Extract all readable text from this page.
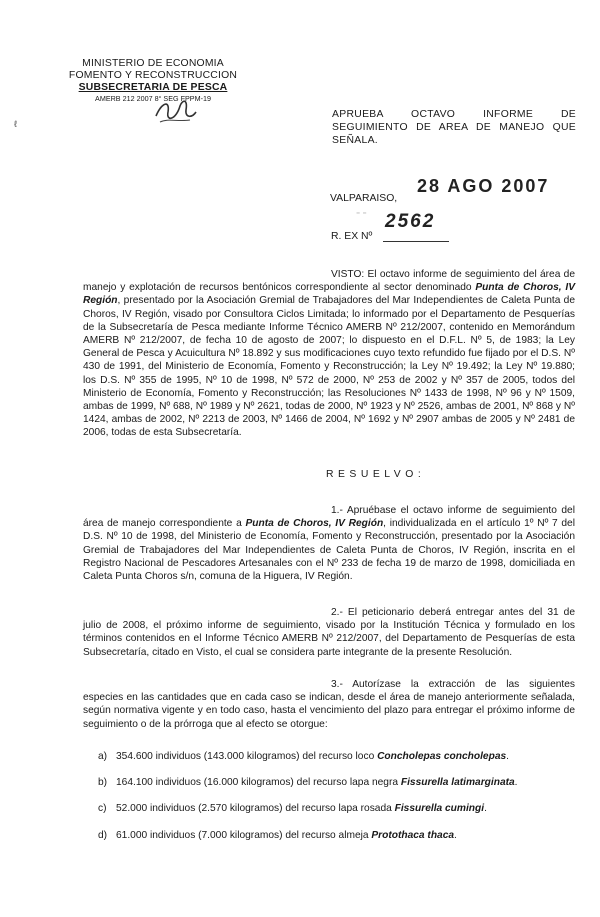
MINISTERIO DE ECONOMIA
FOMENTO Y RECONSTRUCCION
SUBSECRETARIA DE PESCA
AMERB 212 2007 8° SEG FPPM-19
ℓ
APRUEBA OCTAVO INFORME DE SEGUIMIENTO DE AREA DE MANEJO QUE SEÑALA.
VALPARAISO,
28 AGO 2007
⁻ ⁻
R. EX Nº
2562

VISTO: El octavo informe de seguimiento del área de manejo y explotación de recursos bentónicos correspondiente al sector denominado Punta de Choros, IV Región, presentado por la Asociación Gremial de Trabajadores del Mar Independientes de Caleta Punta de Choros, IV Región, visado por Consultora Ciclos Limitada; lo informado por el Departamento de Pesquerías de la Subsecretaría de Pesca mediante Informe Técnico AMERB Nº 212/2007, contenido en Memorándum AMERB Nº 212/2007, de fecha 10 de agosto de 2007; lo dispuesto en el D.F.L. Nº 5, de 1983; la Ley General de Pesca y Acuicultura Nº 18.892 y sus modificaciones cuyo texto refundido fue fijado por el D.S. Nº 430 de 1991, del Ministerio de Economía, Fomento y Reconstrucción; la Ley Nº 19.492; la Ley Nº 19.880; los D.S. Nº 355 de 1995, Nº 10 de 1998, Nº 572 de 2000, Nº 253 de 2002 y Nº 357 de 2005, todos del Ministerio de Economía, Fomento y Reconstrucción; las Resoluciones Nº 1433 de 1998, Nº 96 y Nº 1509, ambas de 1999, Nº 688, Nº 1989 y Nº 2621, todas de 2000, Nº 1923 y Nº 2526, ambas de 2001, Nº 868 y Nº 1424, ambas de 2002, Nº 2213 de 2003, Nº 1466 de 2004, Nº 1692 y Nº 2907 ambas de 2005 y Nº 2481 de 2006, todas de esta Subsecretaría.

RESUELVO:

1.- Apruébase el octavo informe de seguimiento del área de manejo correspondiente a Punta de Choros, IV Región, individualizada en el artículo 1º Nº 7 del D.S. Nº 10 de 1998, del Ministerio de Economía, Fomento y Reconstrucción, presentado por la Asociación Gremial de Trabajadores del Mar Independientes de Caleta Punta de Choros, IV Región, inscrita en el Registro Nacional de Pescadores Artesanales con el Nº 233 de fecha 19 de marzo de 1998, domiciliada en Caleta Punta Choros s/n, comuna de la Higuera, IV Región.

2.- El peticionario deberá entregar antes del 31 de julio de 2008, el próximo informe de seguimiento, visado por la Institución Técnica y formulado en los términos contenidos en el Informe Técnico AMERB Nº 212/2007, del Departamento de Pesquerías de esta Subsecretaría, citado en Visto, el cual se considera parte integrante de la presente Resolución.

3.- Autorízase la extracción de las siguientes especies en las cantidades que en cada caso se indican, desde el área de manejo anteriormente señalada, según normativa vigente y en todo caso, hasta el vencimiento del plazo para entregar el próximo informe de seguimiento o de la prórroga que al efecto se otorgue:

a) 354.600 individuos (143.000 kilogramos) del recurso loco Concholepas concholepas.
b) 164.100 individuos (16.000 kilogramos) del recurso lapa negra Fissurella latimarginata.
c) 52.000 individuos (2.570 kilogramos) del recurso lapa rosada Fissurella cumingi.
d) 61.000 individuos (7.000 kilogramos) del recurso almeja Protothaca thaca.
